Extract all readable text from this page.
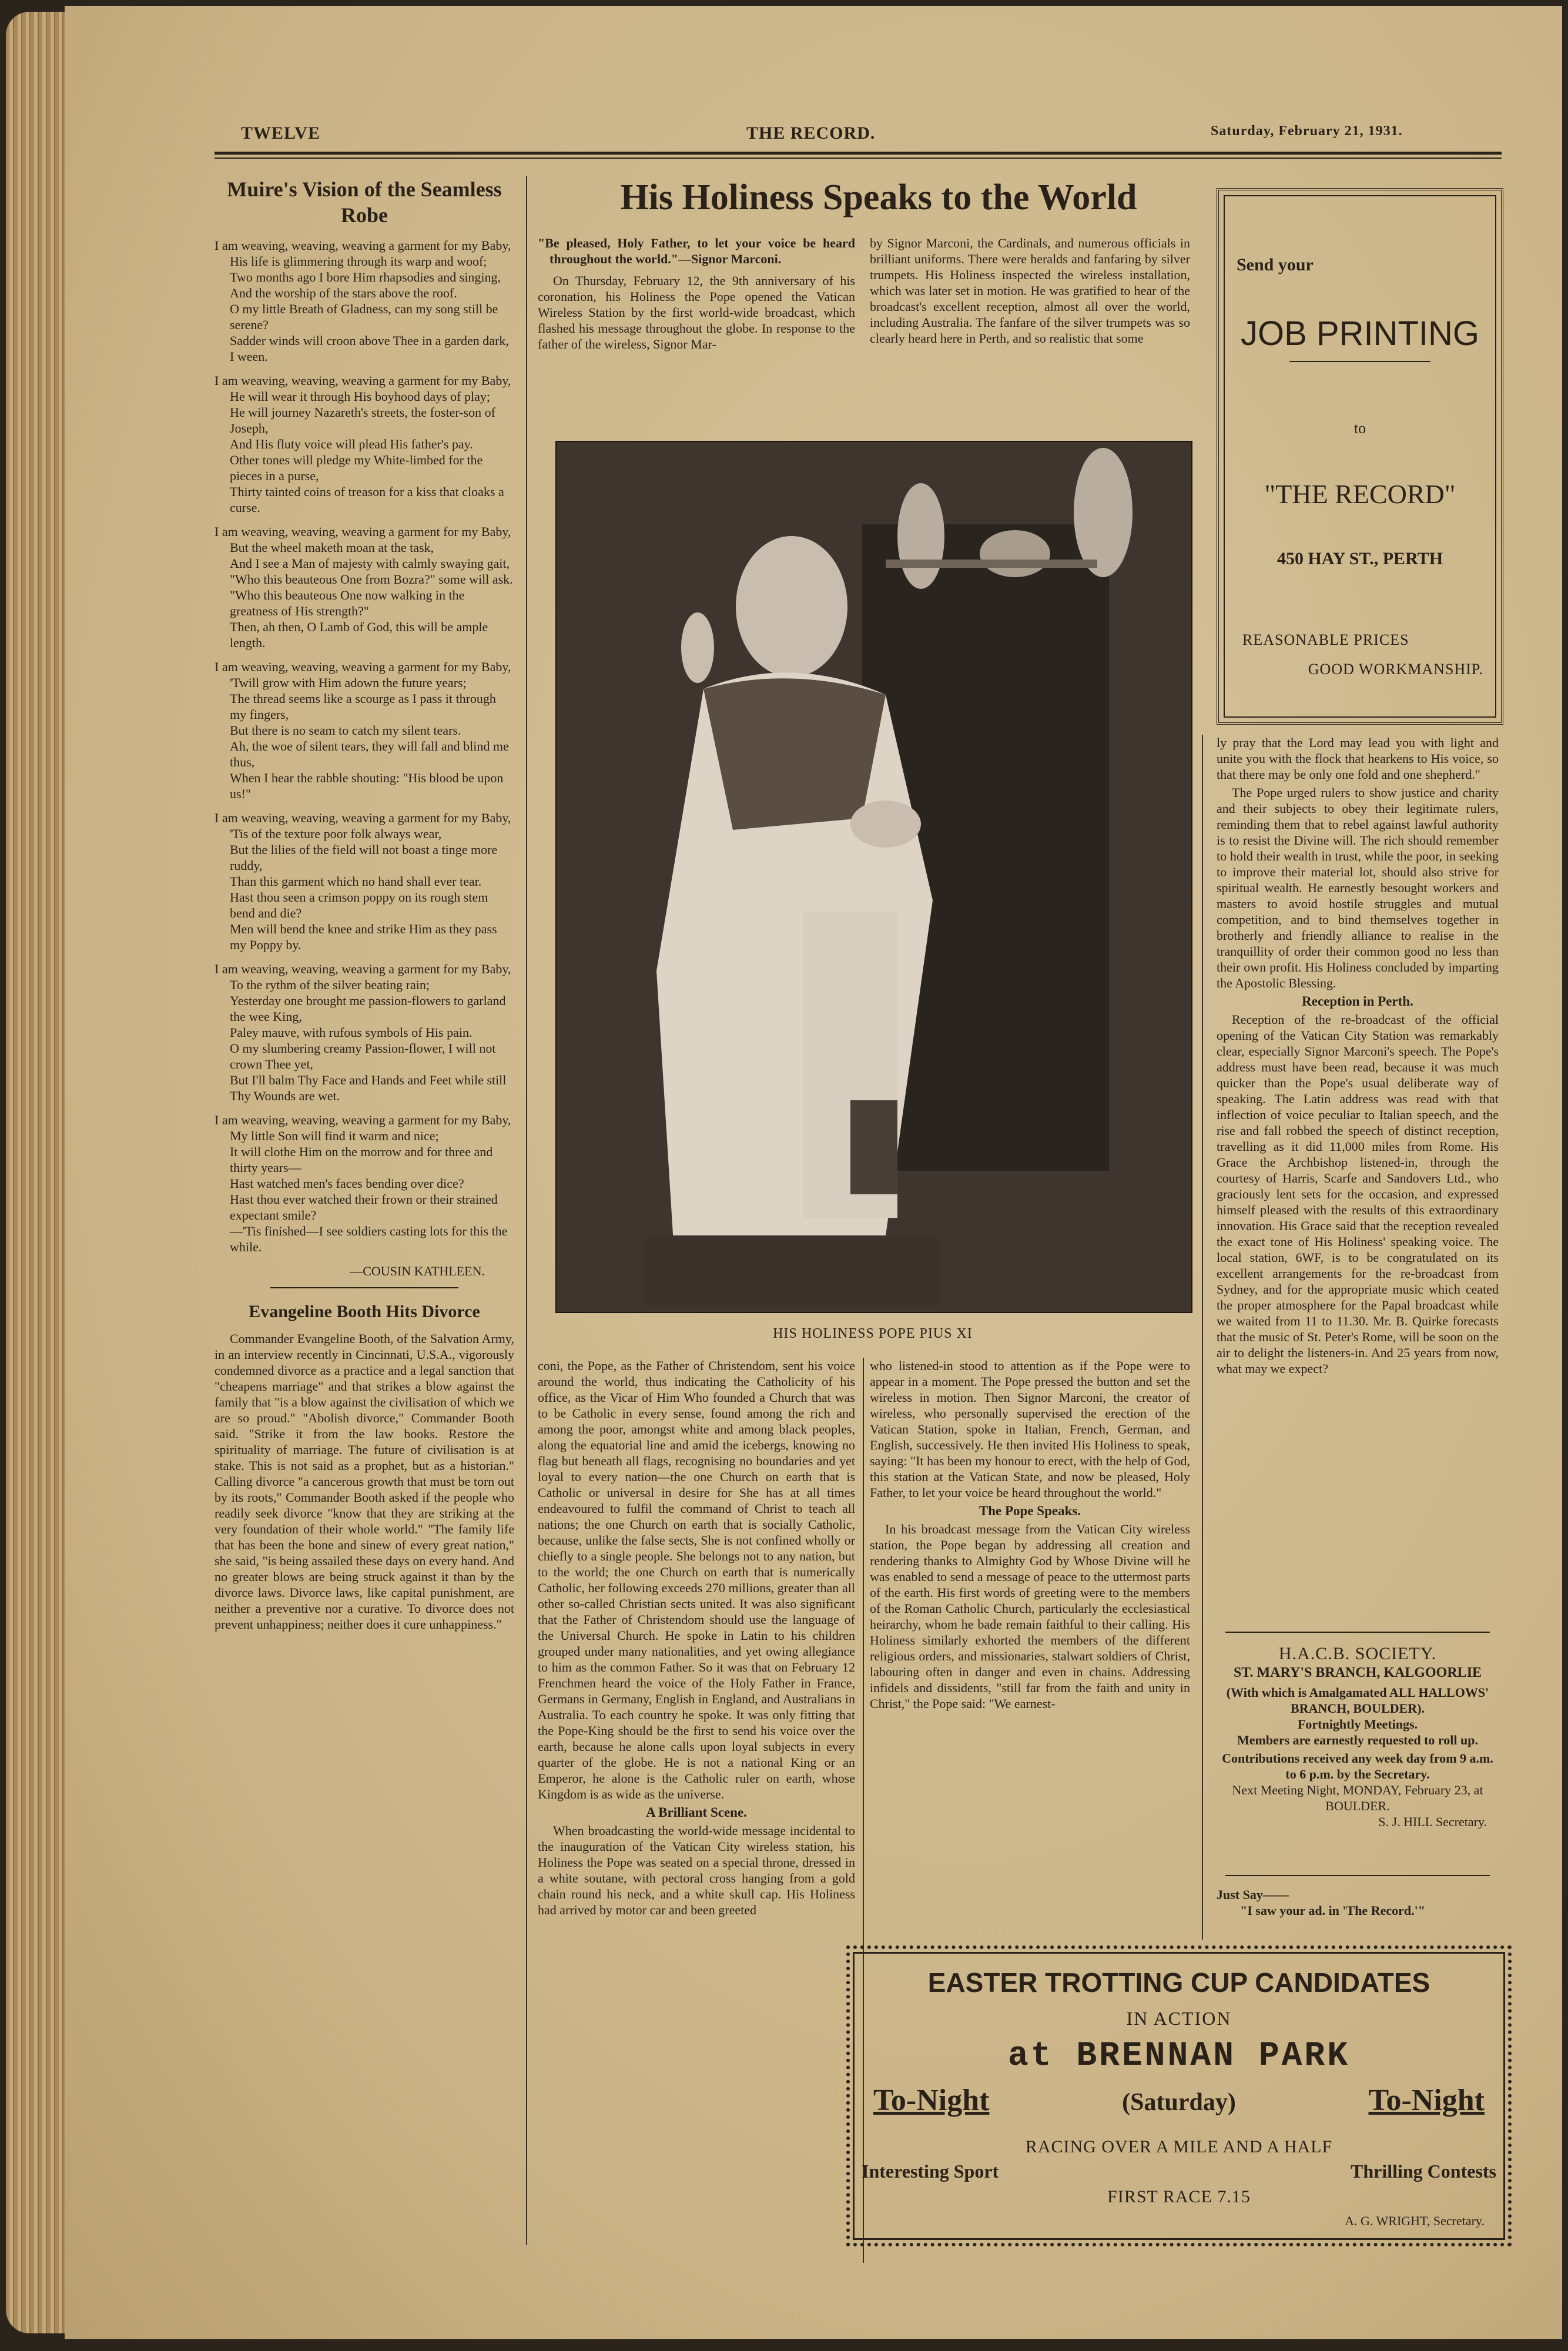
TWELVE	THE RECORD.	Saturday, February 21, 1931.
Muire's Vision of the Seamless Robe

I am weaving, weaving, weaving a garment for my Baby,
His life is glimmering through its warp and woof;
Two months ago I bore Him rhapsodies and singing,
And the worship of the stars above the roof.
O my little Breath of Gladness, can my song still be serene?
Sadder winds will croon above Thee in a garden dark, I ween.

I am weaving, weaving, weaving a garment for my Baby,
He will wear it through His boyhood days of play;
He will journey Nazareth's streets, the foster-son of Joseph,
And His fluty voice will plead His father's pay.
Other tones will pledge my White-limbed for the pieces in a purse,
Thirty tainted coins of treason for a kiss that cloaks a curse.

I am weaving, weaving, weaving a garment for my Baby,
But the wheel maketh moan at the task,
And I see a Man of majesty with calmly swaying gait,
"Who this beauteous One from Bozra?" some will ask.
"Who this beauteous One now walking in the greatness of His strength?"
Then, ah then, O Lamb of God, this will be ample length.

I am weaving, weaving, weaving a garment for my Baby,
'Twill grow with Him adown the future years;
The thread seems like a scourge as I pass it through my fingers,
But there is no seam to catch my silent tears.
Ah, the woe of silent tears, they will fall and blind me thus,
When I hear the rabble shouting: "His blood be upon us!"

I am weaving, weaving, weaving a garment for my Baby,
'Tis of the texture poor folk always wear,
But the lilies of the field will not boast a tinge more ruddy,
Than this garment which no hand shall ever tear.
Hast thou seen a crimson poppy on its rough stem bend and die?
Men will bend the knee and strike Him as they pass my Poppy by.

I am weaving, weaving, weaving a garment for my Baby,
To the rythm of the silver beating rain;
Yesterday one brought me passion-flowers to garland the wee King,
Paley mauve, with rufous symbols of His pain.
O my slumbering creamy Passion-flower, I will not crown Thee yet,
But I'll balm Thy Face and Hands and Feet while still Thy Wounds are wet.

I am weaving, weaving, weaving a garment for my Baby,
My little Son will find it warm and nice;
It will clothe Him on the morrow and for three and thirty years—
Hast watched men's faces bending over dice?
Hast thou ever watched their frown or their strained expectant smile?
—'Tis finished—I see soldiers casting lots for this the while.

—COUSIN KATHLEEN.
Evangeline Booth Hits Divorce

Commander Evangeline Booth, of the Salvation Army, in an interview recently in Cincinnati, U.S.A., vigorously condemned divorce as a practice and a legal sanction that "cheapens marriage" and that strikes a blow against the family that "is a blow against the civilisation of which we are so proud." "Abolish divorce," Commander Booth said. "Strike it from the law books. Restore the spirituality of marriage. The future of civilisation is at stake. This is not said as a prophet, but as a historian." Calling divorce "a cancerous growth that must be torn out by its roots," Commander Booth asked if the people who readily seek divorce "know that they are striking at the very foundation of their whole world." "The family life that has been the bone and sinew of every great nation," she said, "is being assailed these days on every hand. And no greater blows are being struck against it than by the divorce laws. Divorce laws, like capital punishment, are neither a preventive nor a curative. To divorce does not prevent unhappiness; neither does it cure unhappiness."

His Holiness Speaks to the World

"Be pleased, Holy Father, to let your voice be heard throughout the world."—Signor Marconi.

On Thursday, February 12, the 9th anniversary of his coronation, his Holiness the Pope opened the Vatican Wireless Station by the first world-wide broadcast, which flashed his message throughout the globe. In response to the father of the wireless, Signor Mar-

by Signor Marconi, the Cardinals, and numerous officials in brilliant uniforms. There were heralds and fanfaring by silver trumpets. His Holiness inspected the wireless installation, which was later set in motion. He was gratified to hear of the broadcast's excellent reception, almost all over the world, including Australia. The fanfare of the silver trumpets was so clearly heard here in Perth, and so realistic that some

HIS HOLINESS POPE PIUS XI

coni, the Pope, as the Father of Christendom, sent his voice around the world, thus indicating the Catholicity of his office, as the Vicar of Him Who founded a Church that was to be Catholic in every sense, found among the rich and among the poor, amongst white and among black peoples, along the equatorial line and amid the icebergs, knowing no flag but beneath all flags, recognising no boundaries and yet loyal to every nation—the one Church on earth that is Catholic or universal in desire for She has at all times endeavoured to fulfil the command of Christ to teach all nations; the one Church on earth that is socially Catholic, because, unlike the false sects, She is not confined wholly or chiefly to a single people. She belongs not to any nation, but to the world; the one Church on earth that is numerically Catholic, her following exceeds 270 millions, greater than all other so-called Christian sects united. It was also significant that the Father of Christendom should use the language of the Universal Church. He spoke in Latin to his children grouped under many nationalities, and yet owing allegiance to him as the common Father. So it was that on February 12 Frenchmen heard the voice of the Holy Father in France, Germans in Germany, English in England, and Australians in Australia. To each country he spoke. It was only fitting that the Pope-King should be the first to send his voice over the earth, because he alone calls upon loyal subjects in every quarter of the globe. He is not a national King or an Emperor, he alone is the Catholic ruler on earth, whose Kingdom is as wide as the universe.

A Brilliant Scene.

When broadcasting the world-wide message incidental to the inauguration of the Vatican City wireless station, his Holiness the Pope was seated on a special throne, dressed in a white soutane, with pectoral cross hanging from a gold chain round his neck, and a white skull cap. His Holiness had arrived by motor car and been greeted

who listened-in stood to attention as if the Pope were to appear in a moment. The Pope pressed the button and set the wireless in motion. Then Signor Marconi, the creator of wireless, who personally supervised the erection of the Vatican Station, spoke in Italian, French, German, and English, successively. He then invited His Holiness to speak, saying: "It has been my honour to erect, with the help of God, this station at the Vatican State, and now be pleased, Holy Father, to let your voice be heard throughout the world."

The Pope Speaks.

In his broadcast message from the Vatican City wireless station, the Pope began by addressing all creation and rendering thanks to Almighty God by Whose Divine will he was enabled to send a message of peace to the uttermost parts of the earth. His first words of greeting were to the members of the Roman Catholic Church, particularly the ecclesiastical heirarchy, whom he bade remain faithful to their calling. His Holiness similarly exhorted the members of the different religious orders, and missionaries, stalwart soldiers of Christ, labouring often in danger and even in chains. Addressing infidels and dissidents, "still far from the faith and unity in Christ," the Pope said: "We earnest-

Send your
JOB PRINTING
to
"THE RECORD"
450 HAY ST., PERTH
REASONABLE PRICES
GOOD WORKMANSHIP.

ly pray that the Lord may lead you with light and unite you with the flock that hearkens to His voice, so that there may be only one fold and one shepherd."

The Pope urged rulers to show justice and charity and their subjects to obey their legitimate rulers, reminding them that to rebel against lawful authority is to resist the Divine will. The rich should remember to hold their wealth in trust, while the poor, in seeking to improve their material lot, should also strive for spiritual wealth. He earnestly besought workers and masters to avoid hostile struggles and mutual competition, and to bind themselves together in brotherly and friendly alliance to realise in the tranquillity of order their common good no less than their own profit. His Holiness concluded by imparting the Apostolic Blessing.

Reception in Perth.

Reception of the re-broadcast of the official opening of the Vatican City Station was remarkably clear, especially Signor Marconi's speech. The Pope's address must have been read, because it was much quicker than the Pope's usual deliberate way of speaking. The Latin address was read with that inflection of voice peculiar to Italian speech, and the rise and fall robbed the speech of distinct reception, travelling as it did 11,000 miles from Rome. His Grace the Archbishop listened-in, through the courtesy of Harris, Scarfe and Sandovers Ltd., who graciously lent sets for the occasion, and expressed himself pleased with the results of this extraordinary innovation. His Grace said that the reception revealed the exact tone of His Holiness' speaking voice. The local station, 6WF, is to be congratulated on its excellent arrangements for the re-broadcast from Sydney, and for the appropriate music which ceated the proper atmosphere for the Papal broadcast while we waited from 11 to 11.30. Mr. B. Quirke forecasts that the music of St. Peter's Rome, will be soon on the air to delight the listeners-in. And 25 years from now, what may we expect?

H.A.C.B. SOCIETY.
ST. MARY'S BRANCH, KALGOORLIE
(With which is Amalgamated ALL HALLOWS' BRANCH, BOULDER).
Fortnightly Meetings.
Members are earnestly requested to roll up.
Contributions received any week day from 9 a.m. to 6 p.m. by the Secretary.
Next Meeting Night, MONDAY, February 23, at BOULDER.
S. J. HILL Secretary.
Just Say——
"I saw your ad. in 'The Record.'"
EASTER TROTTING CUP CANDIDATES
IN ACTION
at BRENNAN PARK
To-Night	(Saturday)	To-Night
RACING OVER A MILE AND A HALF
Interesting Sport	Thrilling Contests
FIRST RACE 7.15
A. G. WRIGHT, Secretary.
